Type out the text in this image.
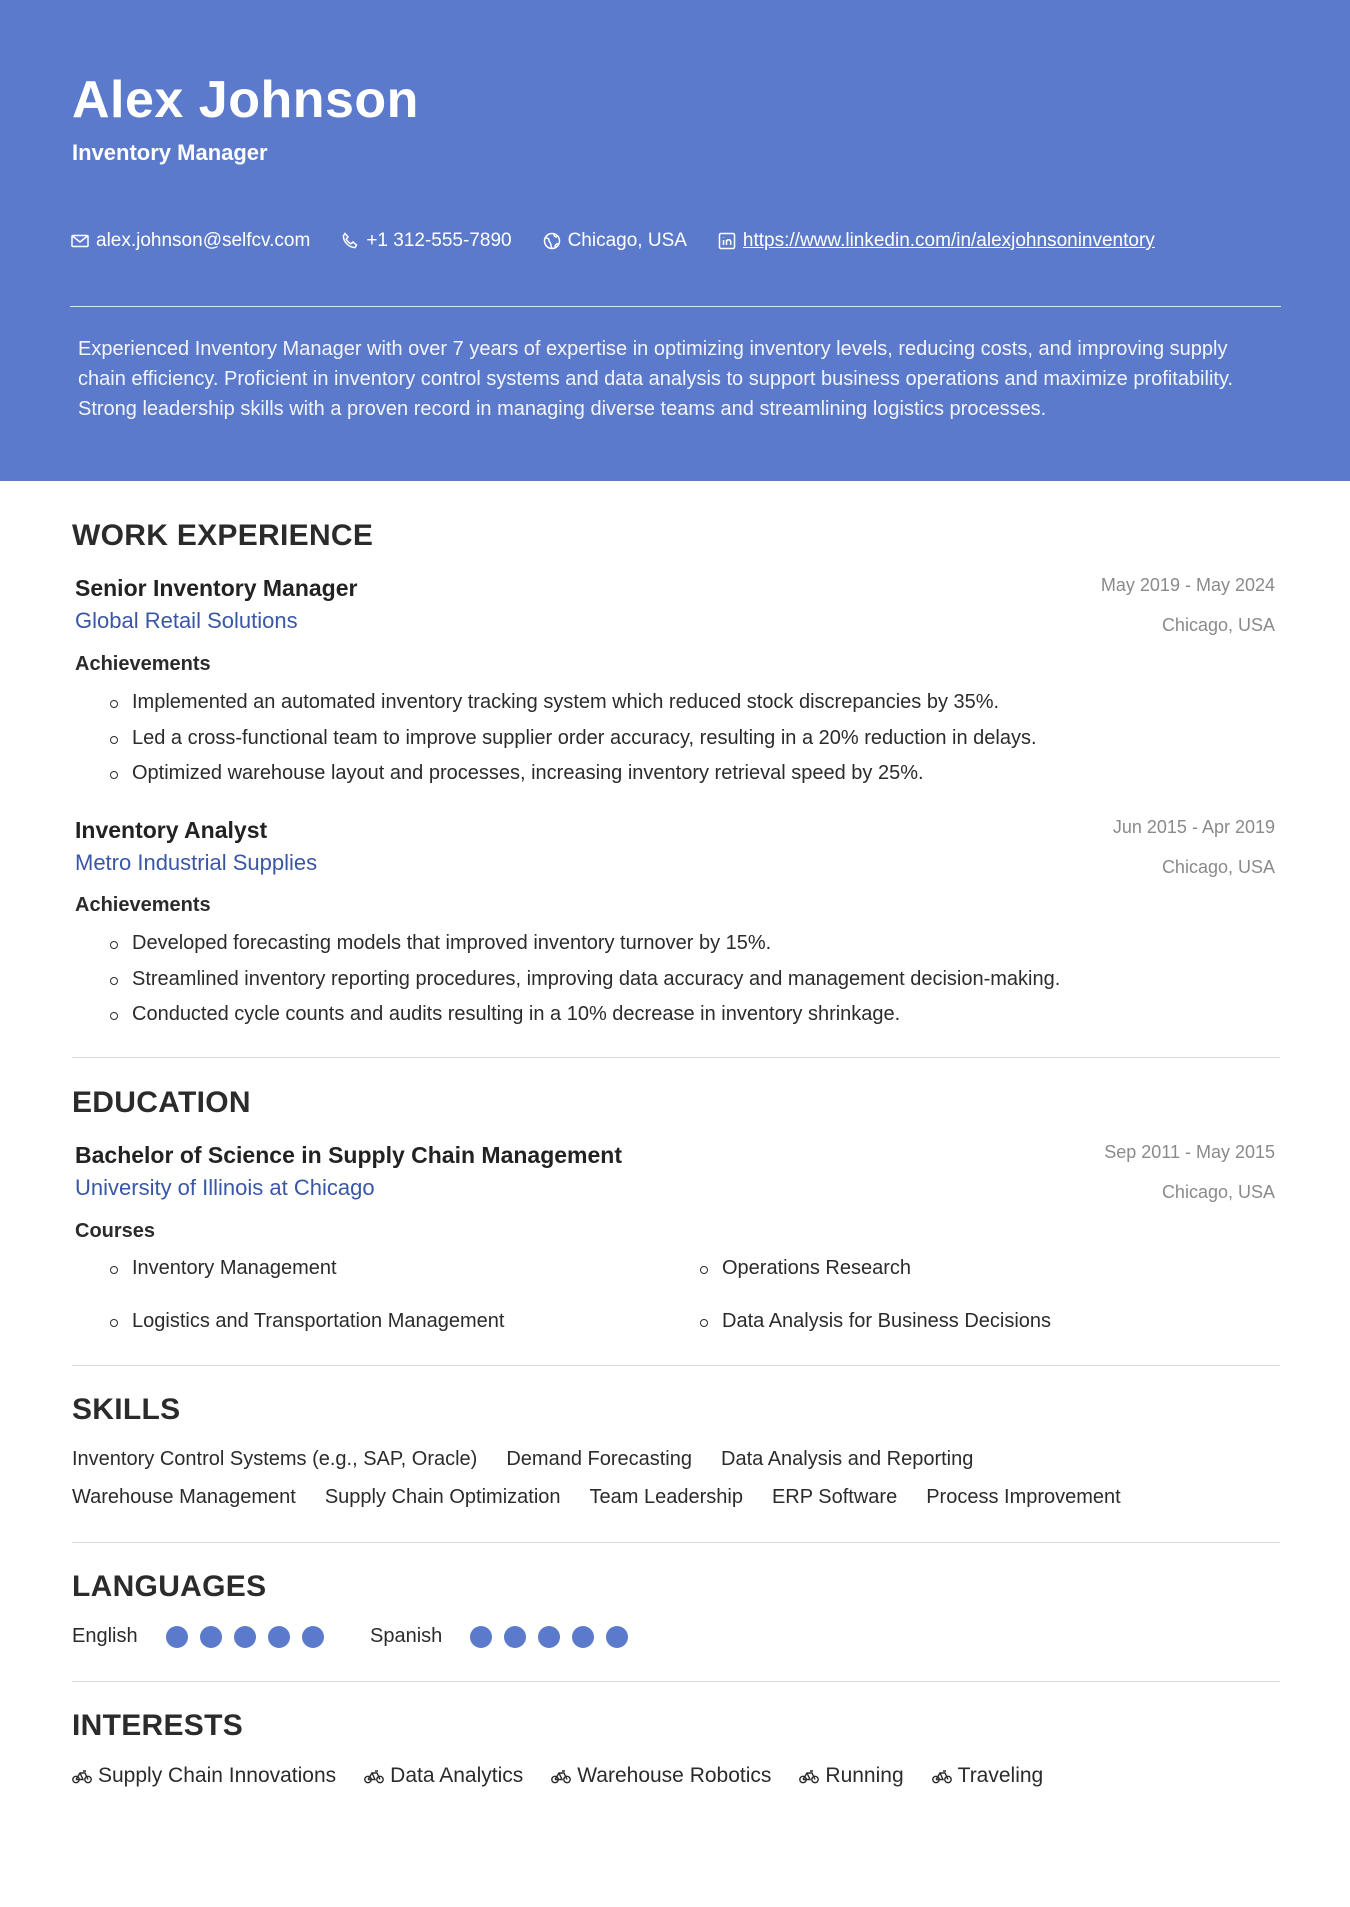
Alex Johnson
Inventory Manager
alex.johnson@selfcv.com	+1 312-555-7890	Chicago, USA	https://www.linkedin.com/in/alexjohnsoninventory
Experienced Inventory Manager with over 7 years of expertise in optimizing inventory levels, reducing costs, and improving supply chain efficiency. Proficient in inventory control systems and data analysis to support business operations and maximize profitability. Strong leadership skills with a proven record in managing diverse teams and streamlining logistics processes.
WORK EXPERIENCE
Senior Inventory Manager
Global Retail Solutions
May 2019 - May 2024
Chicago, USA
Achievements
Implemented an automated inventory tracking system which reduced stock discrepancies by 35%.
Led a cross-functional team to improve supplier order accuracy, resulting in a 20% reduction in delays.
Optimized warehouse layout and processes, increasing inventory retrieval speed by 25%.
Inventory Analyst
Metro Industrial Supplies
Jun 2015 - Apr 2019
Chicago, USA
Achievements
Developed forecasting models that improved inventory turnover by 15%.
Streamlined inventory reporting procedures, improving data accuracy and management decision-making.
Conducted cycle counts and audits resulting in a 10% decrease in inventory shrinkage.
EDUCATION
Bachelor of Science in Supply Chain Management
University of Illinois at Chicago
Sep 2011 - May 2015
Chicago, USA
Courses
Inventory Management	Operations Research
Logistics and Transportation Management	Data Analysis for Business Decisions
SKILLS
Inventory Control Systems (e.g., SAP, Oracle) Demand Forecasting Data Analysis and Reporting
Warehouse Management Supply Chain Optimization Team Leadership ERP Software Process Improvement
LANGUAGES
English	Spanish
INTERESTS
Supply Chain Innovations	Data Analytics	Warehouse Robotics	Running	Traveling
